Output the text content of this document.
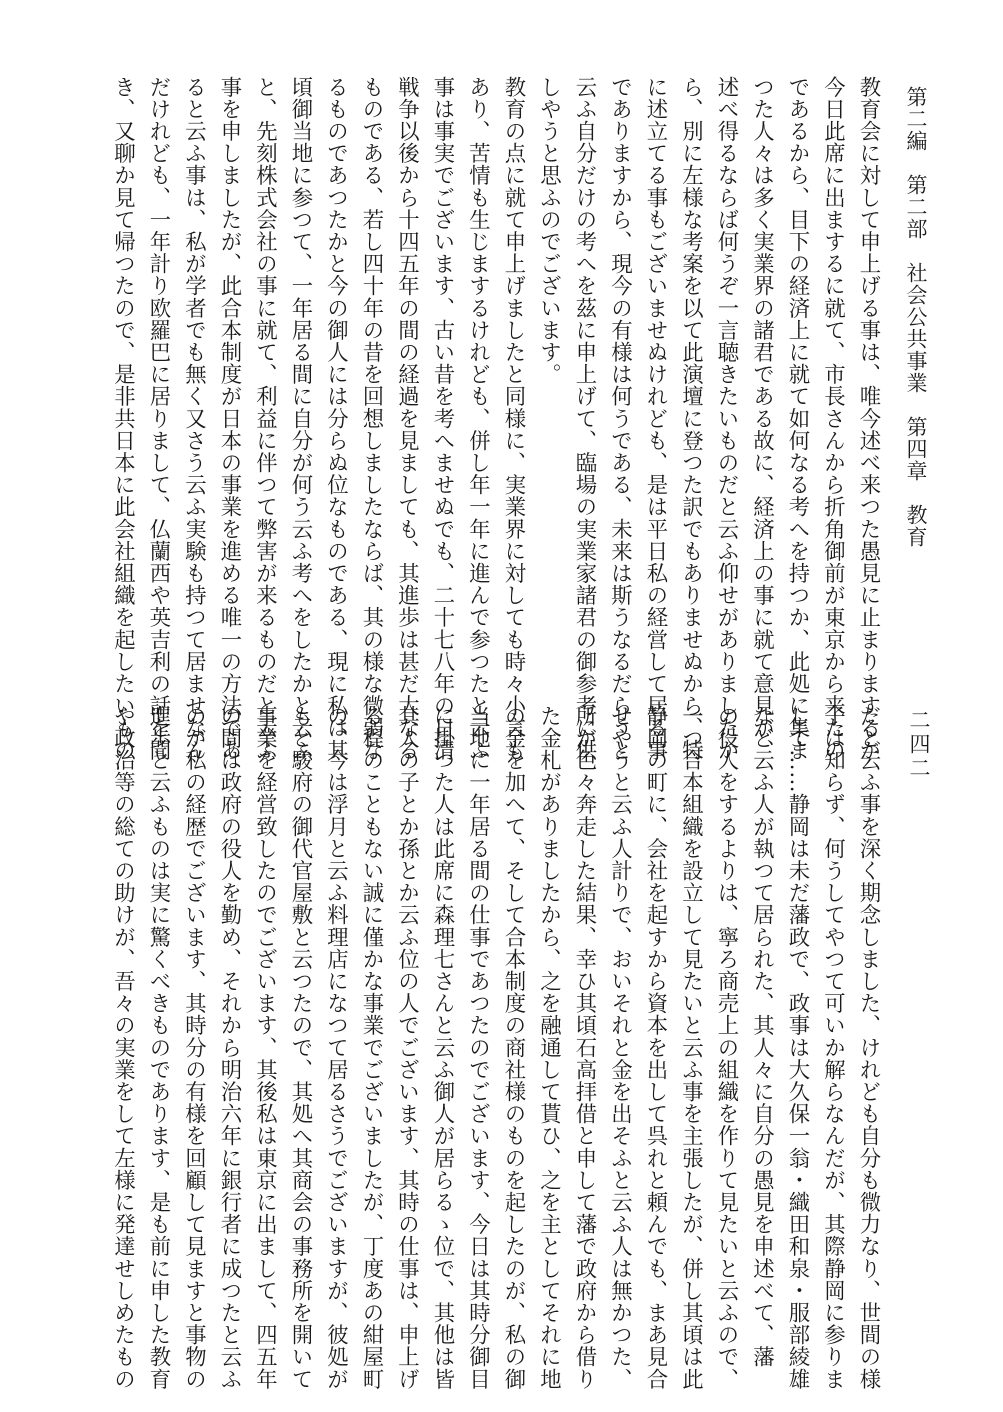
第二編　第二部　社会公共事業　第四章　教育
二四二
教育会に対して申上げる事は、唯今述べ来つた愚見に止まりまするが
今日此席に出まするに就て、市長さんから折角御前が東京から来たの
であるから、目下の経済上に就て如何なる考へを持つか、此処に集ま
つた人々は多く実業界の諸君である故に、経済上の事に就て意見が、
述べ得るならば何うぞ一言聴きたいものだと云ふ仰せがありましたか
ら、別に左様な考案を以て此演壇に登つた訳でもありませぬから、特
に述立てる事もございませぬけれども、是は平日私の経営して居る事
でありますから、現今の有様は何うである、未来は斯うなるだらうと
云ふ自分だけの考へを茲に申上げて、臨場の実業家諸君の御参考に供
しやうと思ふのでございます。
教育の点に就て申上げましたと同様に、実業界に対しても時々小言も
あり、苦情も生じまするけれども、併し年一年に進んで参つたと云ふ
事は事実でございます、古い昔を考へませぬでも、二十七八年の日清
戦争以後から十四五年の間の経過を見ましても、其進歩は甚だ大なる
ものである、若し四十年の昔を回想しましたならば、其の様な微弱な
るものであつたかと今の御人には分らぬ位なものである、現に私は其
頃御当地に参つて、一年居る間に自分が何う云ふ考へをしたかと云ふ
と、先刻株式会社の事に就て、利益に伴つて弊害が来るものだと云ふ
事を申しましたが、此合本制度が日本の事業を進める唯一の方法であ
ると云ふ事は、私が学者でも無く又さう云ふ実験も持つて居ませなん
だけれども、一年計り欧羅巴に居りまして、仏蘭西や英吉利の話を聞
き、又聊か見て帰つたので、是非共日本に此会社組織を起したいもの
だと云ふ事を深く期念しました、けれども自分も微力なり、世間の様
子は知らず、何うしてやつて可いか解らなんだが、其際静岡に参りま
して……静岡は未だ藩政で、政事は大久保一翁・織田和泉・服部綾雄
など云ふ人が執つて居られた、其人々に自分の愚見を申述べて、藩
の役人をするよりは、寧ろ商売上の組織を作りて見たいと云ふので、
一つ合本組織を設立して見たいと云ふ事を主張したが、併し其頃は此
静岡の町に、会社を起すから資本を出して呉れと頼んでも、まあ見合
せやうと云ふ人計りで、おいそれと金を出そふと云ふ人は無かつた、
所が色々奔走した結果、幸ひ其頃石高拝借と申して藩で政府から借り
た金札がありましたから、之を融通して貰ひ、之を主としてそれに地
の金を加へて、そして合本制度の商社様のものを起したのが、私の御
当地に一年居る間の仕事であつたのでございます、今日は其時分御目
に掛つた人は此席に森理七さんと云ふ御人が居らるゝ位で、其他は皆
其人の子とか孫とか云ふ位の人でございます、其時の仕事は、申上げ
る程のこともない誠に僅かな事業でございましたが、丁度あの紺屋町
の、今は浮月と云ふ料理店になつて居るさうでございますが、彼処が
もと駿府の御代官屋敷と云つたので、其処へ其商会の事務所を開いて
事業を経営致したのでございます、其後私は東京に出まして、四五年
の間は政府の役人を勤め、それから明治六年に銀行者に成つたと云ふ
のが私の経歴でございます、其時分の有様を回顧して見ますと事物の
進歩と云ふものは実に驚くべきものであります、是も前に申した教育
や政治等の総ての助けが、吾々の実業をして左様に発達せしめたもの
